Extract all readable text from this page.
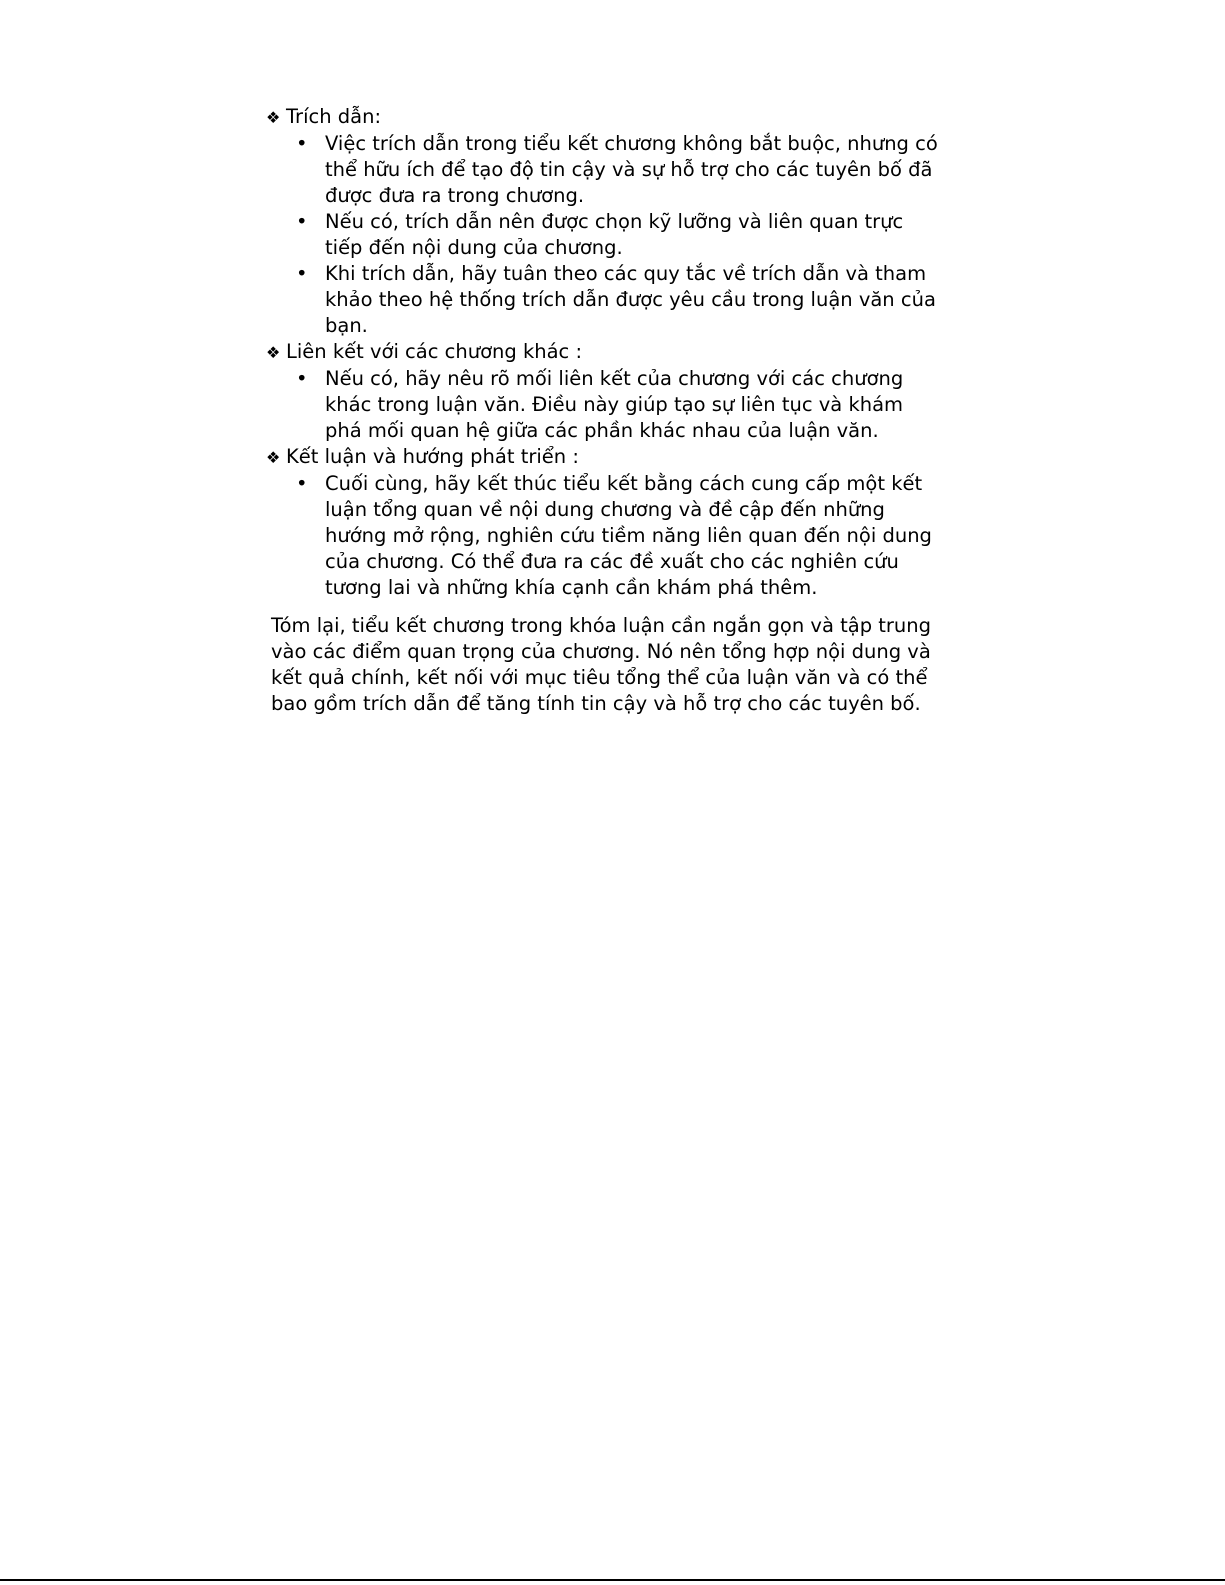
❖ Trích dẫn:
• Việc trích dẫn trong tiểu kết chương không bắt buộc, nhưng có thể hữu ích để tạo độ tin cậy và sự hỗ trợ cho các tuyên bố đã được đưa ra trong chương.
• Nếu có, trích dẫn nên được chọn kỹ lưỡng và liên quan trực tiếp đến nội dung của chương.
• Khi trích dẫn, hãy tuân theo các quy tắc về trích dẫn và tham khảo theo hệ thống trích dẫn được yêu cầu trong luận văn của bạn.
❖ Liên kết với các chương khác :
• Nếu có, hãy nêu rõ mối liên kết của chương với các chương khác trong luận văn. Điều này giúp tạo sự liên tục và khám phá mối quan hệ giữa các phần khác nhau của luận văn.
❖ Kết luận và hướng phát triển :
• Cuối cùng, hãy kết thúc tiểu kết bằng cách cung cấp một kết luận tổng quan về nội dung chương và đề cập đến những hướng mở rộng, nghiên cứu tiềm năng liên quan đến nội dung của chương. Có thể đưa ra các đề xuất cho các nghiên cứu tương lai và những khía cạnh cần khám phá thêm.

Tóm lại, tiểu kết chương trong khóa luận cần ngắn gọn và tập trung vào các điểm quan trọng của chương. Nó nên tổng hợp nội dung và kết quả chính, kết nối với mục tiêu tổng thể của luận văn và có thể bao gồm trích dẫn để tăng tính tin cậy và hỗ trợ cho các tuyên bố.
